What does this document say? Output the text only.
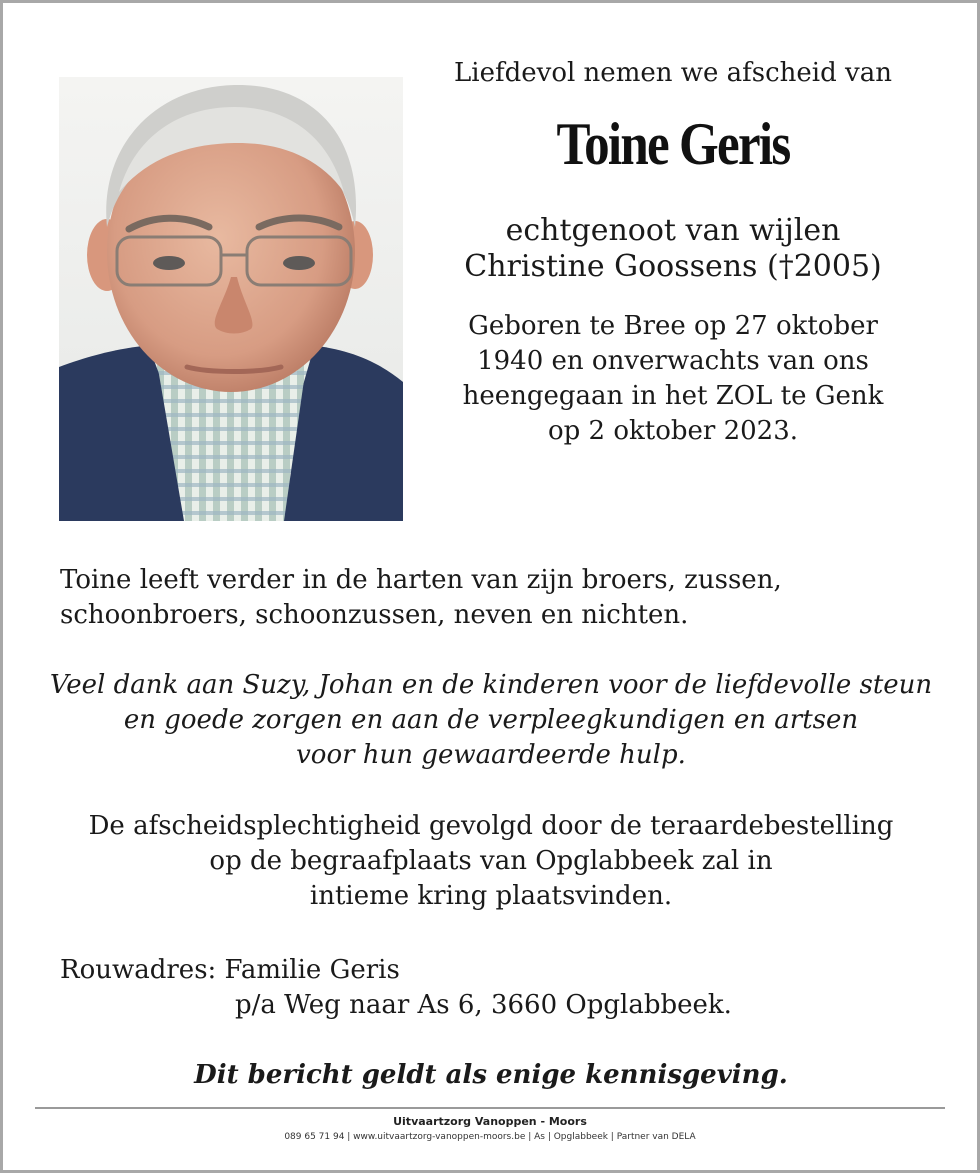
Liefdevol nemen we afscheid van

Toine Geris

echtgenoot van wijlen
Christine Goossens (†2005)

Geboren te Bree op 27 oktober
1940 en onverwachts van ons
heengegaan in het ZOL te Genk
op 2 oktober 2023.

Toine leeft verder in de harten van zijn broers, zussen,
schoonbroers, schoonzussen, neven en nichten.

Veel dank aan Suzy, Johan en de kinderen voor de liefdevolle steun
en goede zorgen en aan de verpleegkundigen en artsen
voor hun gewaardeerde hulp.

De afscheidsplechtigheid gevolgd door de teraardebestelling
op de begraafplaats van Opglabbeek zal in
intieme kring plaatsvinden.

Rouwadres: Familie Geris

p/a Weg naar As 6, 3660 Opglabbeek.

Dit bericht geldt als enige kennisgeving.

Uitvaartzorg Vanoppen - Moors

089 65 71 94 | www.uitvaartzorg-vanoppen-moors.be | As | Opglabbeek | Partner van DELA
